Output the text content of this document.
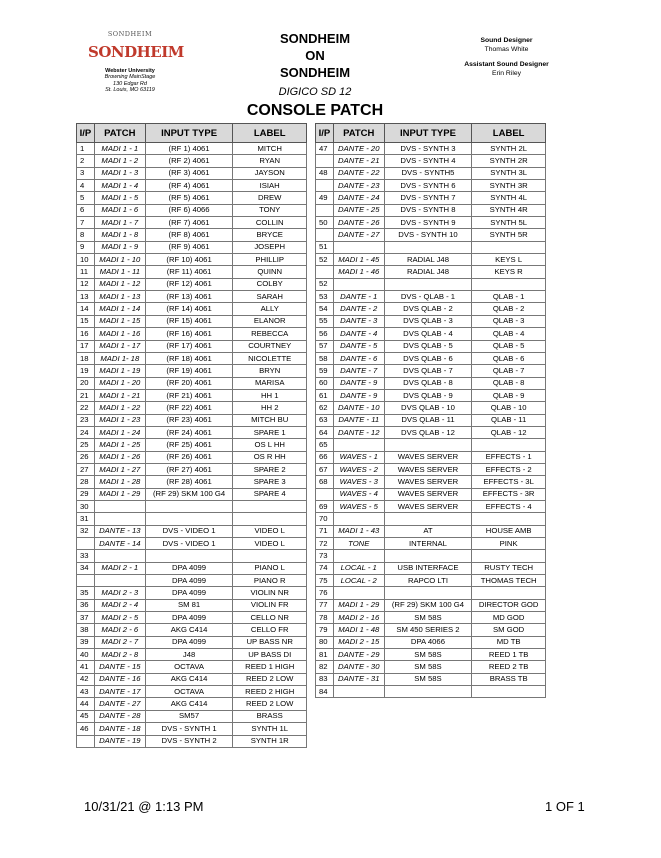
SONDHEIM
SONDHEIM
Webster University
Browning MainStage
130 Edgar Rd
St. Louis, MO 63119
SONDHEIM
ON
SONDHEIM
DIGICO SD 12
CONSOLE PATCH
Sound Designer
Thomas White
Assistant Sound Designer
Erin Riley
I/P	PATCH	INPUT TYPE	LABEL
1	MADI 1 - 1	(RF 1) 4061	MITCH
2	MADI 1 - 2	(RF 2) 4061	RYAN
3	MADI 1 - 3	(RF 3) 4061	JAYSON
4	MADI 1 - 4	(RF 4) 4061	ISIAH
5	MADI 1 - 5	(RF 5) 4061	DREW
6	MADI 1 - 6	(RF 6) 4066	TONY
7	MADI 1 - 7	(RF 7) 4061	COLLIN
8	MADI 1 - 8	(RF 8) 4061	BRYCE
9	MADI 1 - 9	(RF 9) 4061	JOSEPH
10	MADI 1 - 10	(RF 10) 4061	PHILLIP
11	MADI 1 - 11	(RF 11) 4061	QUINN
12	MADI 1 - 12	(RF 12) 4061	COLBY
13	MADI 1 - 13	(RF 13) 4061	SARAH
14	MADI 1 - 14	(RF 14) 4061	ALLY
15	MADI 1 - 15	(RF 15) 4061	ELANOR
16	MADI 1 - 16	(RF 16) 4061	REBECCA
17	MADI 1 - 17	(RF 17) 4061	COURTNEY
18	MADI 1- 18	(RF 18) 4061	NICOLETTE
19	MADI 1 - 19	(RF 19) 4061	BRYN
20	MADI 1 - 20	(RF 20) 4061	MARISA
21	MADI 1 - 21	(RF 21) 4061	HH 1
22	MADI 1 - 22	(RF 22) 4061	HH 2
23	MADI 1 - 23	(RF 23) 4061	MITCH BU
24	MADI 1 - 24	(RF 24) 4061	SPARE 1
25	MADI 1 - 25	(RF 25) 4061	OS L HH
26	MADI 1 - 26	(RF 26) 4061	OS R HH
27	MADI 1 - 27	(RF 27) 4061	SPARE 2
28	MADI 1 - 28	(RF 28) 4061	SPARE 3
29	MADI 1 - 29	(RF 29) SKM 100 G4	SPARE 4
30			
31			
32	DANTE - 13	DVS - VIDEO 1	VIDEO L
	DANTE - 14	DVS - VIDEO 1	VIDEO L
33			
34	MADI 2 - 1	DPA 4099	PIANO L
		DPA 4099	PIANO R
35	MADI 2 - 3	DPA 4099	VIOLIN NR
36	MADI 2 - 4	SM 81	VIOLIN FR
37	MADI 2 - 5	DPA 4099	CELLO NR
38	MADI 2 - 6	AKG C414	CELLO FR
39	MADI 2 - 7	DPA 4099	UP BASS NR
40	MADI 2 - 8	J48	UP BASS DI
41	DANTE - 15	OCTAVA	REED 1 HIGH
42	DANTE - 16	AKG C414	REED 2 LOW
43	DANTE - 17	OCTAVA	REED 2 HIGH
44	DANTE - 27	AKG C414	REED 2 LOW
45	DANTE - 28	SM57	BRASS
46	DANTE - 18	DVS - SYNTH 1	SYNTH 1L
	DANTE - 19	DVS - SYNTH 2	SYNTH 1R
I/P	PATCH	INPUT TYPE	LABEL
47	DANTE - 20	DVS - SYNTH 3	SYNTH 2L
	DANTE - 21	DVS - SYNTH 4	SYNTH 2R
48	DANTE - 22	DVS - SYNTH5	SYNTH 3L
	DANTE - 23	DVS - SYNTH 6	SYNTH 3R
49	DANTE - 24	DVS - SYNTH 7	SYNTH 4L
	DANTE - 25	DVS - SYNTH 8	SYNTH 4R
50	DANTE - 26	DVS - SYNTH 9	SYNTH 5L
	DANTE - 27	DVS - SYNTH 10	SYNTH 5R
51			
52	MADI 1 - 45	RADIAL J48	KEYS L
	MADI 1 - 46	RADIAL J48	KEYS R
52			
53	DANTE - 1	DVS - QLAB - 1	QLAB - 1
54	DANTE - 2	DVS QLAB - 2	QLAB - 2
55	DANTE - 3	DVS QLAB - 3	QLAB - 3
56	DANTE - 4	DVS QLAB - 4	QLAB - 4
57	DANTE - 5	DVS QLAB - 5	QLAB - 5
58	DANTE - 6	DVS QLAB - 6	QLAB - 6
59	DANTE - 7	DVS QLAB - 7	QLAB - 7
60	DANTE - 9	DVS QLAB - 8	QLAB - 8
61	DANTE - 9	DVS QLAB - 9	QLAB - 9
62	DANTE - 10	DVS QLAB - 10	QLAB - 10
63	DANTE - 11	DVS QLAB - 11	QLAB - 11
64	DANTE - 12	DVS QLAB - 12	QLAB - 12
65			
66	WAVES - 1	WAVES SERVER	EFFECTS - 1
67	WAVES - 2	WAVES SERVER	EFFECTS - 2
68	WAVES - 3	WAVES SERVER	EFFECTS - 3L
	WAVES - 4	WAVES SERVER	EFFECTS - 3R
69	WAVES - 5	WAVES SERVER	EFFECTS - 4
70			
71	MADI 1 - 43	AT	HOUSE AMB
72	TONE	INTERNAL	PINK
73			
74	LOCAL - 1	USB INTERFACE	RUSTY TECH
75	LOCAL - 2	RAPCO LTI	THOMAS TECH
76			
77	MADI 1 - 29	(RF 29) SKM 100 G4	DIRECTOR GOD
78	MADI 2 - 16	SM 58S	MD GOD
79	MADI 1 - 48	SM 450 SERIES 2	SM GOD
80	MADI 2 - 15	DPA 4066	MD TB
81	DANTE - 29	SM 58S	REED 1 TB
82	DANTE - 30	SM 58S	REED 2 TB
83	DANTE - 31	SM 58S	BRASS TB
84			
10/31/21 @ 1:13 PM	1 OF 1
